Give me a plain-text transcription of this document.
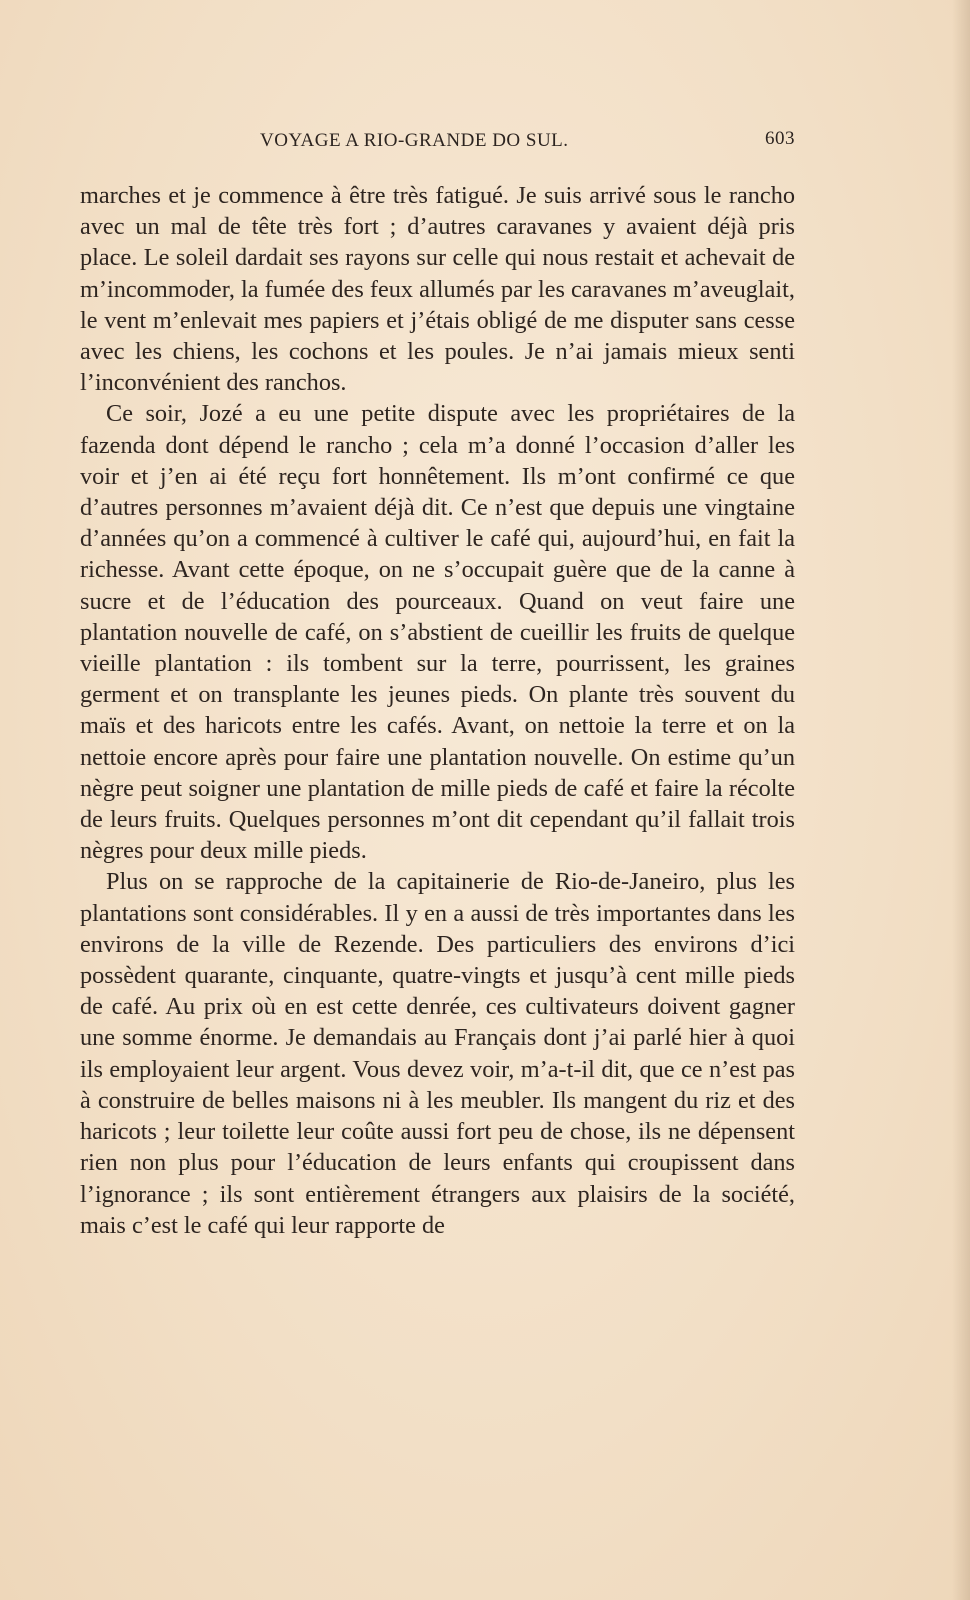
VOYAGE A RIO-GRANDE DO SUL.	603

marches et je commence à être très fatigué. Je suis arrivé sous le rancho avec un mal de tête très fort ; d’autres caravanes y avaient déjà pris place. Le soleil dardait ses rayons sur celle qui nous restait et achevait de m’incommoder, la fumée des feux allumés par les caravanes m’aveuglait, le vent m’enlevait mes papiers et j’étais obligé de me disputer sans cesse avec les chiens, les cochons et les poules. Je n’ai jamais mieux senti l’inconvénient des ranchos.

Ce soir, Jozé a eu une petite dispute avec les propriétaires de la fazenda dont dépend le rancho ; cela m’a donné l’occasion d’aller les voir et j’en ai été reçu fort honnêtement. Ils m’ont confirmé ce que d’autres personnes m’avaient déjà dit. Ce n’est que depuis une vingtaine d’années qu’on a commencé à cultiver le café qui, aujourd’hui, en fait la richesse. Avant cette époque, on ne s’occupait guère que de la canne à sucre et de l’éducation des pourceaux. Quand on veut faire une plantation nouvelle de café, on s’abstient de cueillir les fruits de quelque vieille plantation : ils tombent sur la terre, pourrissent, les graines germent et on transplante les jeunes pieds. On plante très souvent du maïs et des haricots entre les cafés. Avant, on nettoie la terre et on la nettoie encore après pour faire une plantation nouvelle. On estime qu’un nègre peut soigner une plantation de mille pieds de café et faire la récolte de leurs fruits. Quelques personnes m’ont dit cependant qu’il fallait trois nègres pour deux mille pieds.

Plus on se rapproche de la capitainerie de Rio-de-Janeiro, plus les plantations sont considérables. Il y en a aussi de très importantes dans les environs de la ville de Rezende. Des particuliers des environs d’ici possèdent quarante, cinquante, quatre-vingts et jusqu’à cent mille pieds de café. Au prix où en est cette denrée, ces cultivateurs doivent gagner une somme énorme. Je demandais au Français dont j’ai parlé hier à quoi ils employaient leur argent. Vous devez voir, m’a-t-il dit, que ce n’est pas à construire de belles maisons ni à les meubler. Ils mangent du riz et des haricots ; leur toilette leur coûte aussi fort peu de chose, ils ne dépensent rien non plus pour l’éducation de leurs enfants qui croupissent dans l’ignorance ; ils sont entièrement étrangers aux plaisirs de la société, mais c’est le café qui leur rapporte de
